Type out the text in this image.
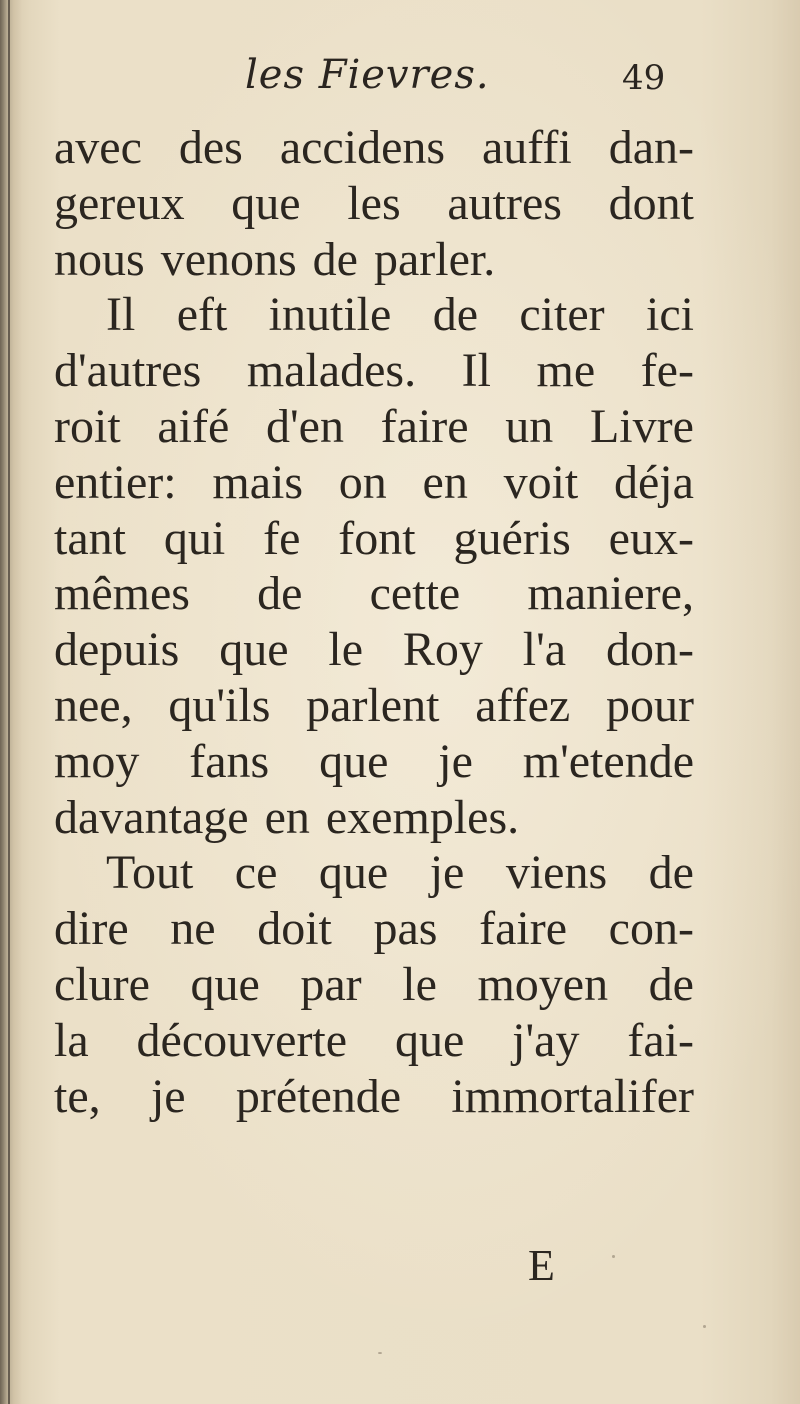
les Fievres.	49
avec des accidens auffi dan-
gereux que les autres dont
nous venons de parler.
Il eft inutile de citer ici
d'autres malades. Il me fe-
roit aifé d'en faire un Livre
entier: mais on en voit déja
tant qui fe font guéris eux-
mêmes de cette maniere,
depuis que le Roy l'a don-
nee, qu'ils parlent affez pour
moy fans que je m'etende
davantage en exemples.
Tout ce que je viens de
dire ne doit pas faire con-
clure que par le moyen de
la découverte que j'ay fai-
te, je prétende immortalifer
E
